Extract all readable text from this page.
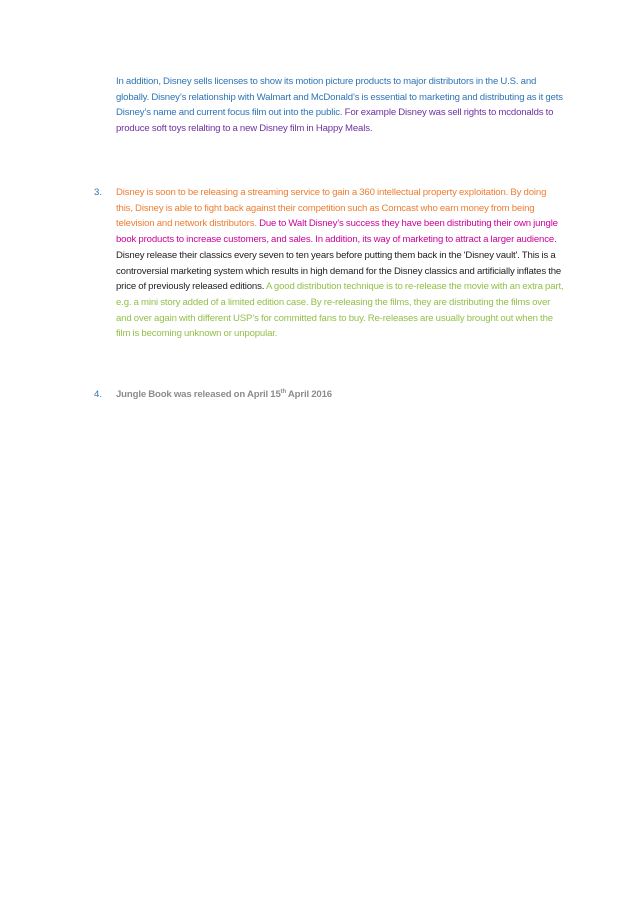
In addition, Disney sells licenses to show its motion picture products to major distributors in the U.S. and globally. Disney’s relationship with Walmart and McDonald’s is essential to marketing and distributing as it gets Disney’s name and current focus film out into the public. For example Disney was sell rights to mcdonalds to produce soft toys relalting to a new Disney film in Happy Meals.

3. Disney is soon to be releasing a streaming service to gain a 360 intellectual property exploitation. By doing this, Disney is able to fight back against their competition such as Comcast who earn money from being television and network distributors. Due to Walt Disney’s success they have been distributing their own jungle book products to increase customers, and sales. In addition, its way of marketing to attract a larger audience. Disney release their classics every seven to ten years before putting them back in the 'Disney vault'. This is a controversial marketing system which results in high demand for the Disney classics and artificially inflates the price of previously released editions. A good distribution technique is to re-release the movie with an extra part, e.g. a mini story added of a limited edition case. By re-releasing the films, they are distributing the films over and over again with different USP’s for committed fans to buy. Re-releases are usually brought out when the film is becoming unknown or unpopular.

4. Jungle Book was released on April 15th April 2016
